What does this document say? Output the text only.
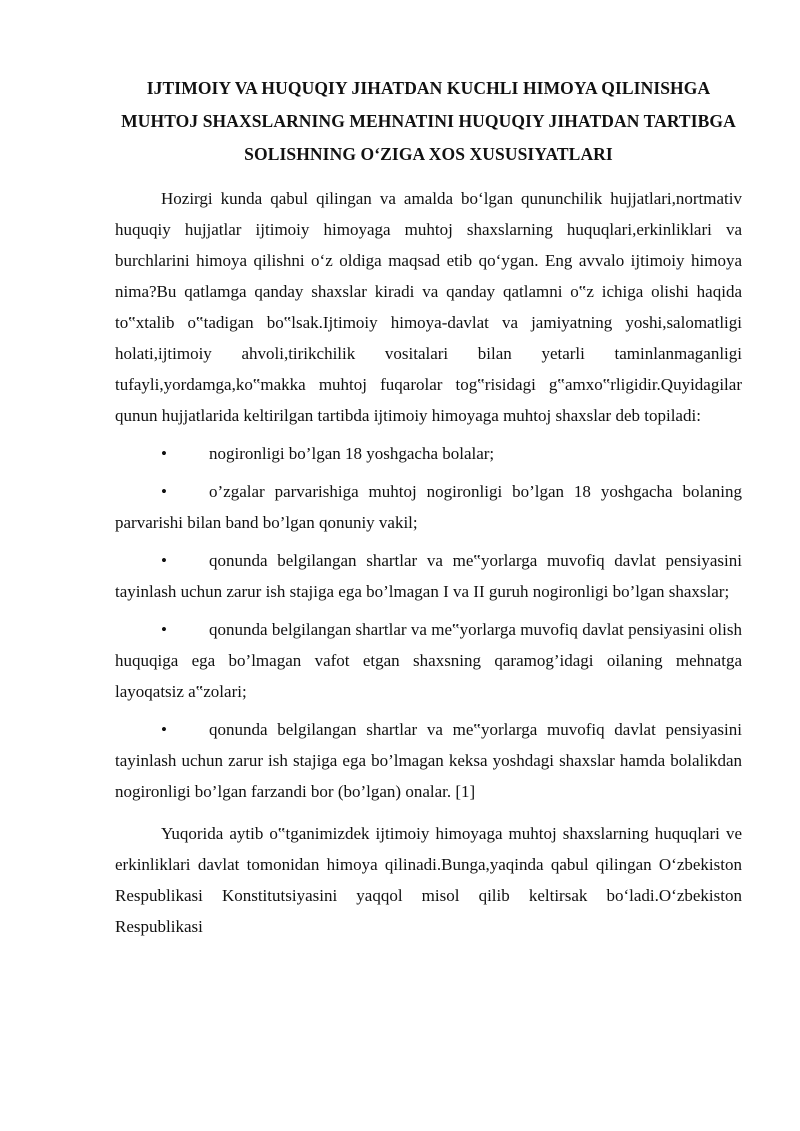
IJTIMOIY VA HUQUQIY JIHATDAN KUCHLI HIMOYA QILINISHGA MUHTOJ SHAXSLARNING MEHNATINI HUQUQIY JIHATDAN TARTIBGA SOLISHNING O‘ZIGA XOS XUSUSIYATLARI

Hozirgi kunda qabul qilingan va amalda bo‘lgan qununchilik hujjatlari,nortmativ huquqiy hujjatlar ijtimoiy himoyaga muhtoj shaxslarning huquqlari,erkinliklari va burchlarini himoya qilishni o‘z oldiga maqsad etib qo‘ygan. Eng avvalo ijtimoiy himoya nima?Bu qatlamga qanday shaxslar kiradi va qanday qatlamni o‟z ichiga olishi haqida to‟xtalib o‟tadigan bo‟lsak.Ijtimoiy himoya-davlat va jamiyatning yoshi,salomatligi holati,ijtimoiy ahvoli,tirikchilik vositalari bilan yetarli taminlanmaganligi tufayli,yordamga,ko‟makka muhtoj fuqarolar tog‟risidagi g‟amxo‟rligidir.Quyidagilar qunun hujjatlarida keltirilgan tartibda ijtimoiy himoyaga muhtoj shaxslar deb topiladi:

• nogironligi bo’lgan 18 yoshgacha bolalar;
• o’zgalar parvarishiga muhtoj nogironligi bo’lgan 18 yoshgacha bolaning parvarishi bilan band bo’lgan qonuniy vakil;
• qonunda belgilangan shartlar va me‟yorlarga muvofiq davlat pensiyasini tayinlash uchun zarur ish stajiga ega bo’lmagan I va II guruh nogironligi bo’lgan shaxslar;
• qonunda belgilangan shartlar va me‟yorlarga muvofiq davlat pensiyasini olish huquqiga ega bo’lmagan vafot etgan shaxsning qaramog’idagi oilaning mehnatga layoqatsiz a‟zolari;
• qonunda belgilangan shartlar va me‟yorlarga muvofiq davlat pensiyasini tayinlash uchun zarur ish stajiga ega bo’lmagan keksa yoshdagi shaxslar hamda bolalikdan nogironligi bo’lgan farzandi bor (bo’lgan) onalar. [1]

Yuqorida aytib o‟tganimizdek ijtimoiy himoyaga muhtoj shaxslarning huquqlari ve erkinliklari davlat tomonidan himoya qilinadi.Bunga,yaqinda qabul qilingan O‘zbekiston Respublikasi Konstitutsiyasini yaqqol misol qilib keltirsak bo‘ladi.O‘zbekiston Respublikasi
